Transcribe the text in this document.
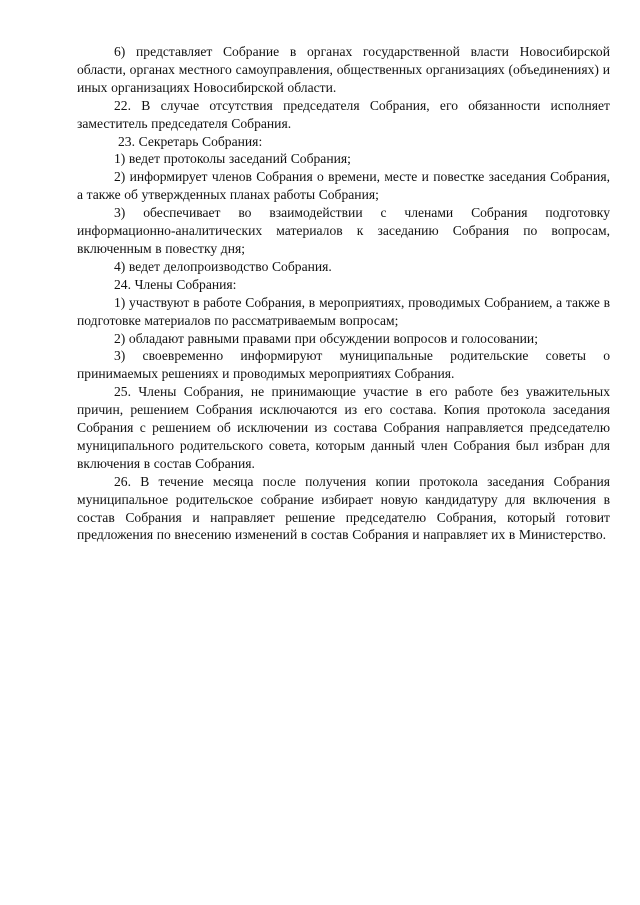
6) представляет Собрание в органах государственной власти Новосибирской области, органах местного самоуправления, общественных организациях (объединениях) и иных организациях Новосибирской области.

22. В случае отсутствия председателя Собрания, его обязанности исполняет заместитель председателя Собрания.

23. Секретарь Собрания:

1) ведет протоколы заседаний Собрания;

2) информирует членов Собрания о времени, месте и повестке заседания Собрания, а также об утвержденных планах работы Собрания;

3) обеспечивает во взаимодействии с членами Собрания подготовку информационно-аналитических материалов к заседанию Собрания по вопросам, включенным в повестку дня;

4) ведет делопроизводство Собрания.

24. Члены Собрания:

1) участвуют в работе Собрания, в мероприятиях, проводимых Собранием, а также в подготовке материалов по рассматриваемым вопросам;

2) обладают равными правами при обсуждении вопросов и голосовании;

3) своевременно информируют муниципальные родительские советы о принимаемых решениях и проводимых мероприятиях Собрания.

25. Члены Собрания, не принимающие участие в его работе без уважительных причин, решением Собрания исключаются из его состава. Копия протокола заседания Собрания с решением об исключении из состава Собрания направляется председателю муниципального родительского совета, которым данный член Собрания был избран для включения в состав Собрания.

26. В течение месяца после получения копии протокола заседания Собрания муниципальное родительское собрание избирает новую кандидатуру для включения в состав Собрания и направляет решение председателю Собрания, который готовит предложения по внесению изменений в состав Собрания и направляет их в Министерство.
